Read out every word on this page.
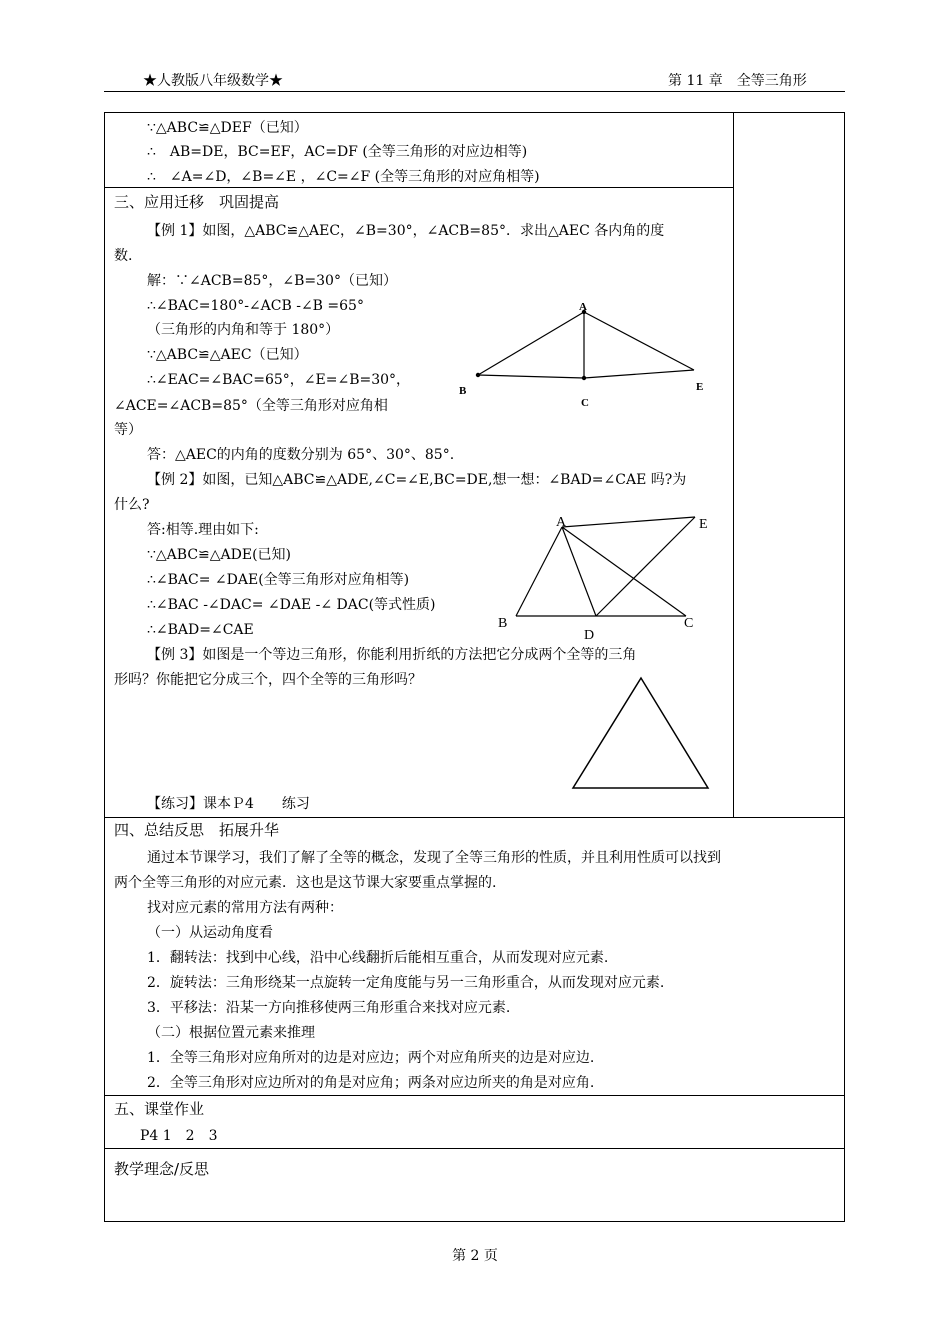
★人教版八年级数学★	第 11 章　全等三角形
∵△ABC≌△DEF（已知）
∴　AB=DE，BC=EF，AC=DF (全等三角形的对应边相等)
∴　∠A=∠D，∠B=∠E ，∠C=∠F (全等三角形的对应角相等)
三、应用迁移　巩固提高
【例 1】如图，△ABC≌△AEC，∠B=30°，∠ACB=85°．求出△AEC 各内角的度
数.
解：∵∠ACB=85°，∠B=30°（已知）
∴∠BAC=180°-∠ACB -∠B =65°
（三角形的内角和等于 180°）
∵△ABC≌△AEC（已知）
∴∠EAC=∠BAC=65°，∠E=∠B=30°，
∠ACE=∠ACB=85°（全等三角形对应角相
等）
答：△AEC的内角的度数分别为 65°、30°、85°.
A
B
C
E
【例 2】如图，已知△ABC≌△ADE,∠C=∠E,BC=DE,想一想：∠BAD=∠CAE 吗?为
什么?
答:相等.理由如下:
∵△ABC≌△ADE(已知)
∴∠BAC= ∠DAE(全等三角形对应角相等)
∴∠BAC -∠DAC= ∠DAE -∠ DAC(等式性质)
∴∠BAD=∠CAE
A	E
B	C
D
【例 3】如图是一个等边三角形，你能利用折纸的方法把它分成两个全等的三角
形吗？你能把它分成三个，四个全等的三角形吗？
【练习】课本Ｐ4　　练习
四、总结反思　拓展升华
通过本节课学习，我们了解了全等的概念，发现了全等三角形的性质，并且利用性质可以找到
两个全等三角形的对应元素．这也是这节课大家要重点掌握的.
找对应元素的常用方法有两种：
（一）从运动角度看
1．翻转法：找到中心线，沿中心线翻折后能相互重合，从而发现对应元素.
2．旋转法：三角形绕某一点旋转一定角度能与另一三角形重合，从而发现对应元素.
3．平移法：沿某一方向推移使两三角形重合来找对应元素.
（二）根据位置元素来推理
1．全等三角形对应角所对的边是对应边；两个对应角所夹的边是对应边.
2．全等三角形对应边所对的角是对应角；两条对应边所夹的角是对应角.
五、课堂作业
P4 1　2　3
教学理念/反思
第 2 页
